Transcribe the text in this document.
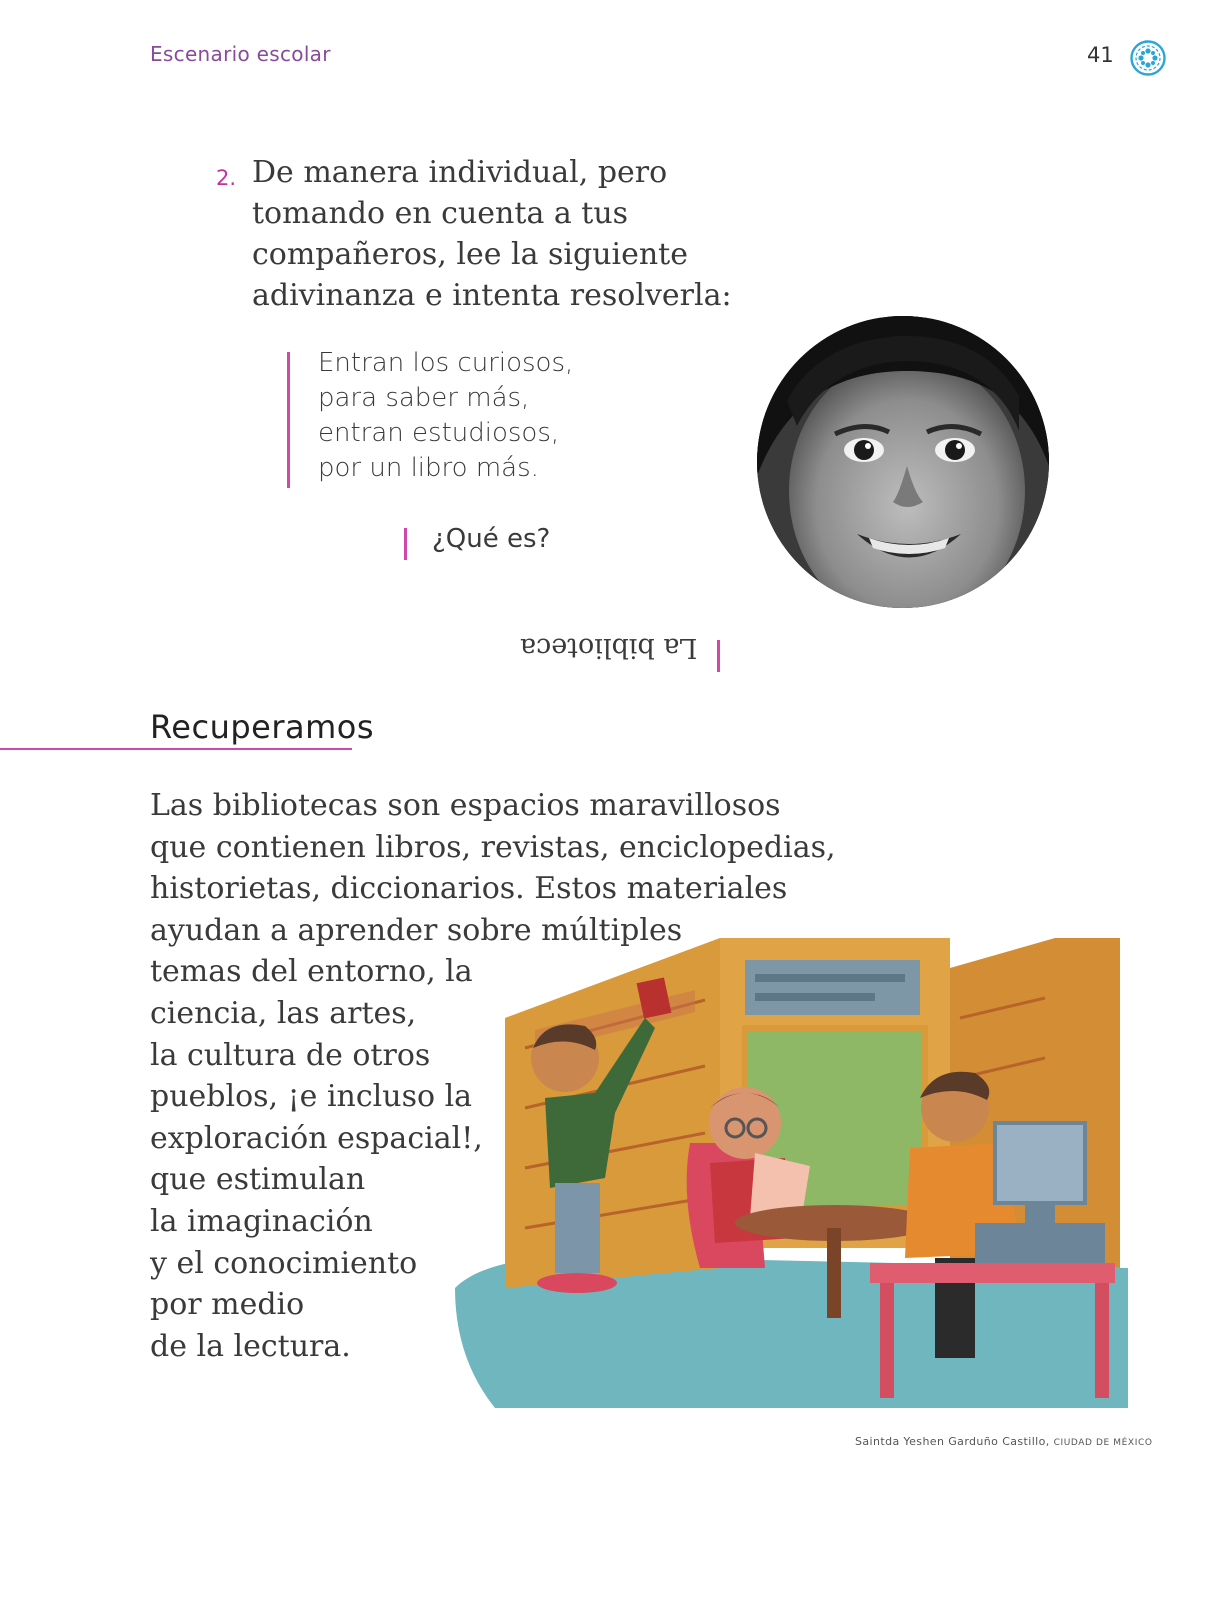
Escenario escolar	41
2. De manera individual, pero
tomando en cuenta a tus
compañeros, lee la siguiente
adivinanza e intenta resolverla:
Entran los curiosos,
para saber más,
entran estudiosos,
por un libro más.
¿Qué es?
La biblioteca
Recuperamos
Las bibliotecas son espacios maravillosos
que contienen libros, revistas, enciclopedias,
historietas, diccionarios. Estos materiales
ayudan a aprender sobre múltiples
temas del entorno, la
ciencia, las artes,
la cultura de otros
pueblos, ¡e incluso la
exploración espacial!,
que estimulan
la imaginación
y el conocimiento
por medio
de la lectura.
Saintda Yeshen Garduño Castillo, CIUDAD DE MÉXICO
